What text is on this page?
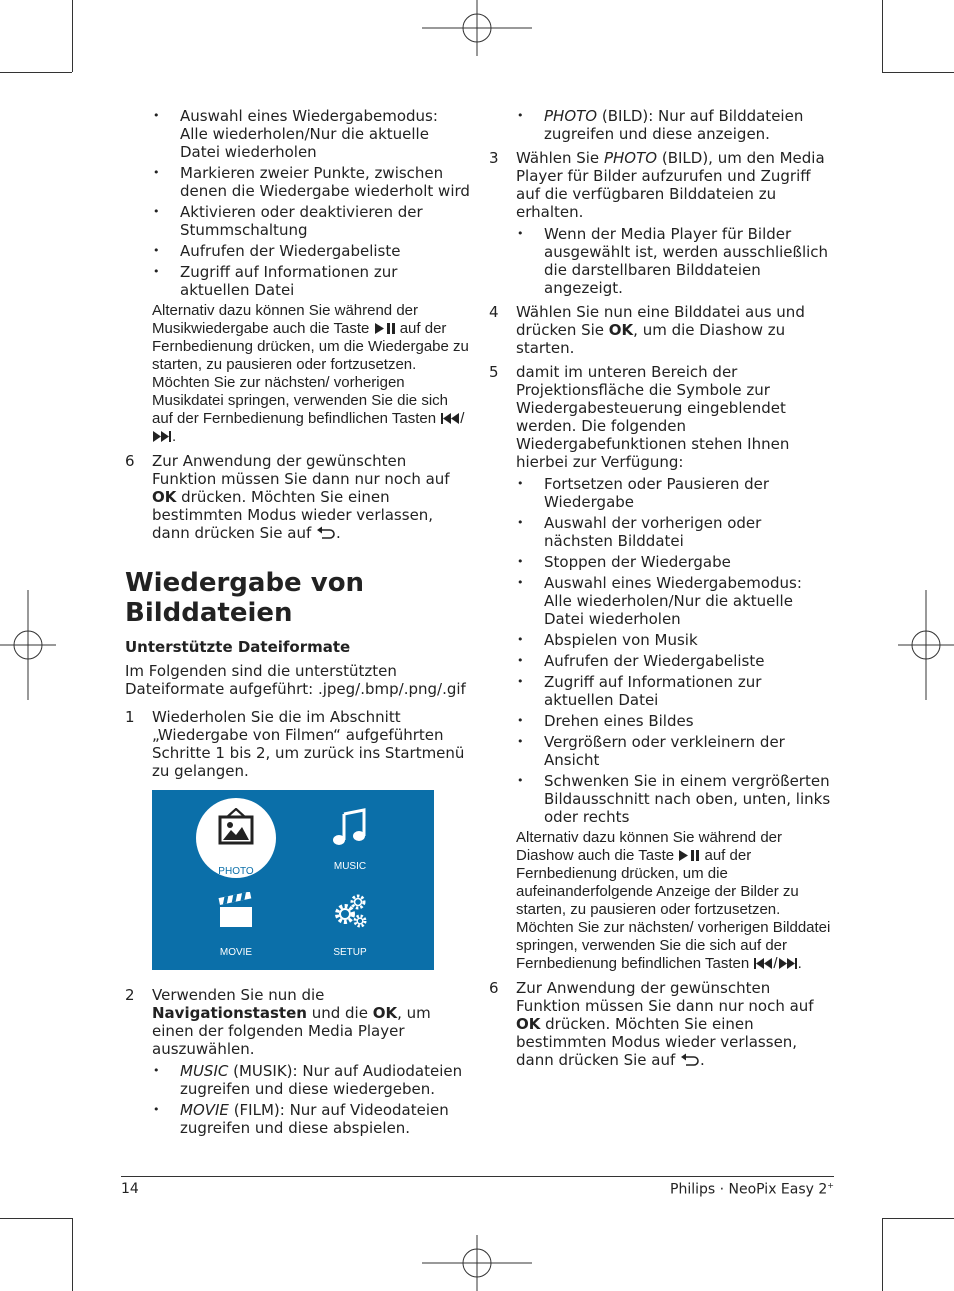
• Auswahl eines Wiedergabemodus: Alle wiederholen/Nur die aktuelle Datei wiederholen
• Markieren zweier Punkte, zwischen denen die Wiedergabe wiederholt wird
• Aktivieren oder deaktivieren der Stummschaltung
• Aufrufen der Wiedergabeliste
• Zugriff auf Informationen zur aktuellen Datei
Alternativ dazu können Sie während der Musikwiedergabe auch die Taste auf der Fernbedienung drücken, um die Wiedergabe zu starten, zu pausieren oder fortzusetzen. Möchten Sie zur nächsten/ vorherigen Musikdatei springen, verwenden Sie die sich auf der Fernbedienung befindlichen Tasten /.
6 Zur Anwendung der gewünschten Funktion müssen Sie dann nur noch auf OK drücken. Möchten Sie einen bestimmten Modus wieder verlassen, dann drücken Sie auf .
Wiedergabe von Bilddateien
Unterstützte Dateiformate
Im Folgenden sind die unterstützten Dateiformate aufgeführt: .jpeg/.bmp/.png/.gif
1 Wiederholen Sie die im Abschnitt „Wiedergabe von Filmen“ aufgeführten Schritte 1 bis 2, um zurück ins Startmenü zu gelangen.
PHOTO	MUSIC
MOVIE	SETUP
2 Verwenden Sie nun die Navigationstasten und die OK, um einen der folgenden Media Player auszuwählen.
• MUSIC (MUSIK): Nur auf Audiodateien zugreifen und diese wiedergeben.
• MOVIE (FILM): Nur auf Videodateien zugreifen und diese abspielen.
• PHOTO (BILD): Nur auf Bilddateien zugreifen und diese anzeigen.
3 Wählen Sie PHOTO (BILD), um den Media Player für Bilder aufzurufen und Zugriff auf die verfügbaren Bilddateien zu erhalten.
• Wenn der Media Player für Bilder ausgewählt ist, werden ausschließlich die darstellbaren Bilddateien angezeigt.
4 Wählen Sie nun eine Bilddatei aus und drücken Sie OK, um die Diashow zu starten.
5 damit im unteren Bereich der Projektionsfläche die Symbole zur Wiedergabesteuerung eingeblendet werden. Die folgenden Wiedergabefunktionen stehen Ihnen hierbei zur Verfügung:
• Fortsetzen oder Pausieren der Wiedergabe
• Auswahl der vorherigen oder nächsten Bilddatei
• Stoppen der Wiedergabe
• Auswahl eines Wiedergabemodus: Alle wiederholen/Nur die aktuelle Datei wiederholen
• Abspielen von Musik
• Aufrufen der Wiedergabeliste
• Zugriff auf Informationen zur aktuellen Datei
• Drehen eines Bildes
• Vergrößern oder verkleinern der Ansicht
• Schwenken Sie in einem vergrößerten Bildausschnitt nach oben, unten, links oder rechts
Alternativ dazu können Sie während der Diashow auch die Taste auf der Fernbedienung drücken, um die aufeinanderfolgende Anzeige der Bilder zu starten, zu pausieren oder fortzusetzen. Möchten Sie zur nächsten/ vorherigen Bilddatei springen, verwenden Sie die sich auf der Fernbedienung befindlichen Tasten / .
6 Zur Anwendung der gewünschten Funktion müssen Sie dann nur noch auf OK drücken. Möchten Sie einen bestimmten Modus wieder verlassen, dann drücken Sie auf .
14	Philips · NeoPix Easy 2+
